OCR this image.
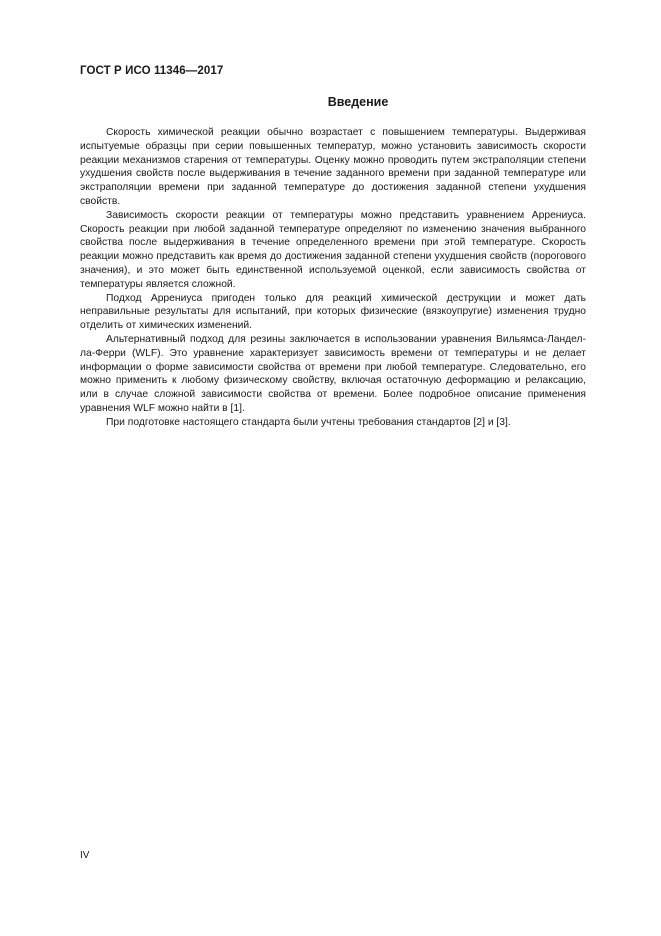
ГОСТ Р ИСО 11346—2017
Введение

Скорость химической реакции обычно возрастает с повышением температуры. Выдерживая испытуемые образцы при серии повышенных температур, можно установить зависимость скорости реакции механизмов старения от температуры. Оценку можно проводить путем экстраполяции степени ухудшения свойств после выдерживания в течение заданного времени при заданной температуре или экстраполяции времени при заданной температуре до достижения заданной степени ухудшения свойств.

Зависимость скорости реакции от температуры можно представить уравнением Аррениуса. Скорость реакции при любой заданной температуре определяют по изменению значения выбранного свойства после выдерживания в течение определенного времени при этой температуре. Скорость реакции можно представить как время до достижения заданной степени ухудшения свойств (порогового значения), и это может быть единственной используемой оценкой, если зависимость свойства от температуры является сложной.

Подход Аррениуса пригоден только для реакций химической деструкции и может дать неправильные результаты для испытаний, при которых физические (вязкоупругие) изменения трудно отделить от химических изменений.

Альтернативный подход для резины заключается в использовании уравнения Вильямса-Ландел-ла-Ферри (WLF). Это уравнение характеризует зависимость времени от температуры и не делает информации о форме зависимости свойства от времени при любой температуре. Следовательно, его можно применить к любому физическому свойству, включая остаточную деформацию и релаксацию, или в случае сложной зависимости свойства от времени. Более подробное описание применения уравнения WLF можно найти в [1].

При подготовке настоящего стандарта были учтены требования стандартов [2] и [3].

IV
